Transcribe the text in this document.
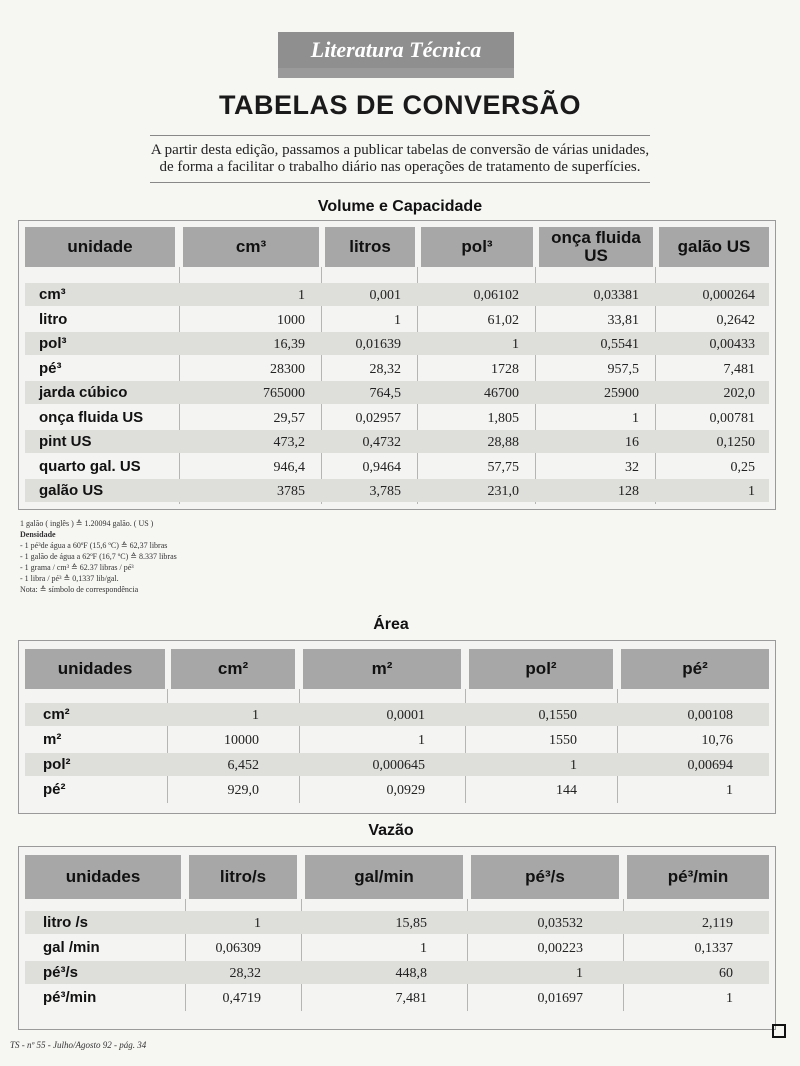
Literatura Técnica
TABELAS DE CONVERSÃO
A partir desta edição, passamos a publicar tabelas de conversão de várias unidades,
de forma a facilitar o trabalho diário nas operações de tratamento de superfícies.
Volume e Capacidade
unidade	cm³	litros	pol³	onça fluida US	galão US
cm³	1	0,001	0,06102	0,03381	0,000264
litro	1000	1	61,02	33,81	0,2642
pol³	16,39	0,01639	1	0,5541	0,00433
pé³	28300	28,32	1728	957,5	7,481
jarda cúbico	765000	764,5	46700	25900	202,0
onça fluida US	29,57	0,02957	1,805	1	0,00781
pint US	473,2	0,4732	28,88	16	0,1250
quarto gal. US	946,4	0,9464	57,75	32	0,25
galão US	3785	3,785	231,0	128	1
1 galão ( inglês ) ≙ 1.20094 galão. ( US )
Densidade
- 1 pé³de água a 60ºF (15,6 ºC) ≙ 62,37 libras
- 1 galão de água a 62ºF (16,7 ºC) ≙ 8.337 libras
- 1 grama / cm³ ≙ 62.37 libras / pé³
- 1 libra / pé³ ≙ 0,1337 lib/gal.
Nota: ≙ símbolo de correspondência
Área
unidades	cm²	m²	pol²	pé²
cm²	1	0,0001	0,1550	0,00108
m²	10000	1	1550	10,76
pol²	6,452	0,000645	1	0,00694
pé²	929,0	0,0929	144	1
Vazão
unidades	litro/s	gal/min	pé³/s	pé³/min
litro /s	1	15,85	0,03532	2,119
gal /min	0,06309	1	0,00223	0,1337
pé³/s	28,32	448,8	1	60
pé³/min	0,4719	7,481	0,01697	1
TS - nº 55 - Julho/Agosto 92 - pág. 34
